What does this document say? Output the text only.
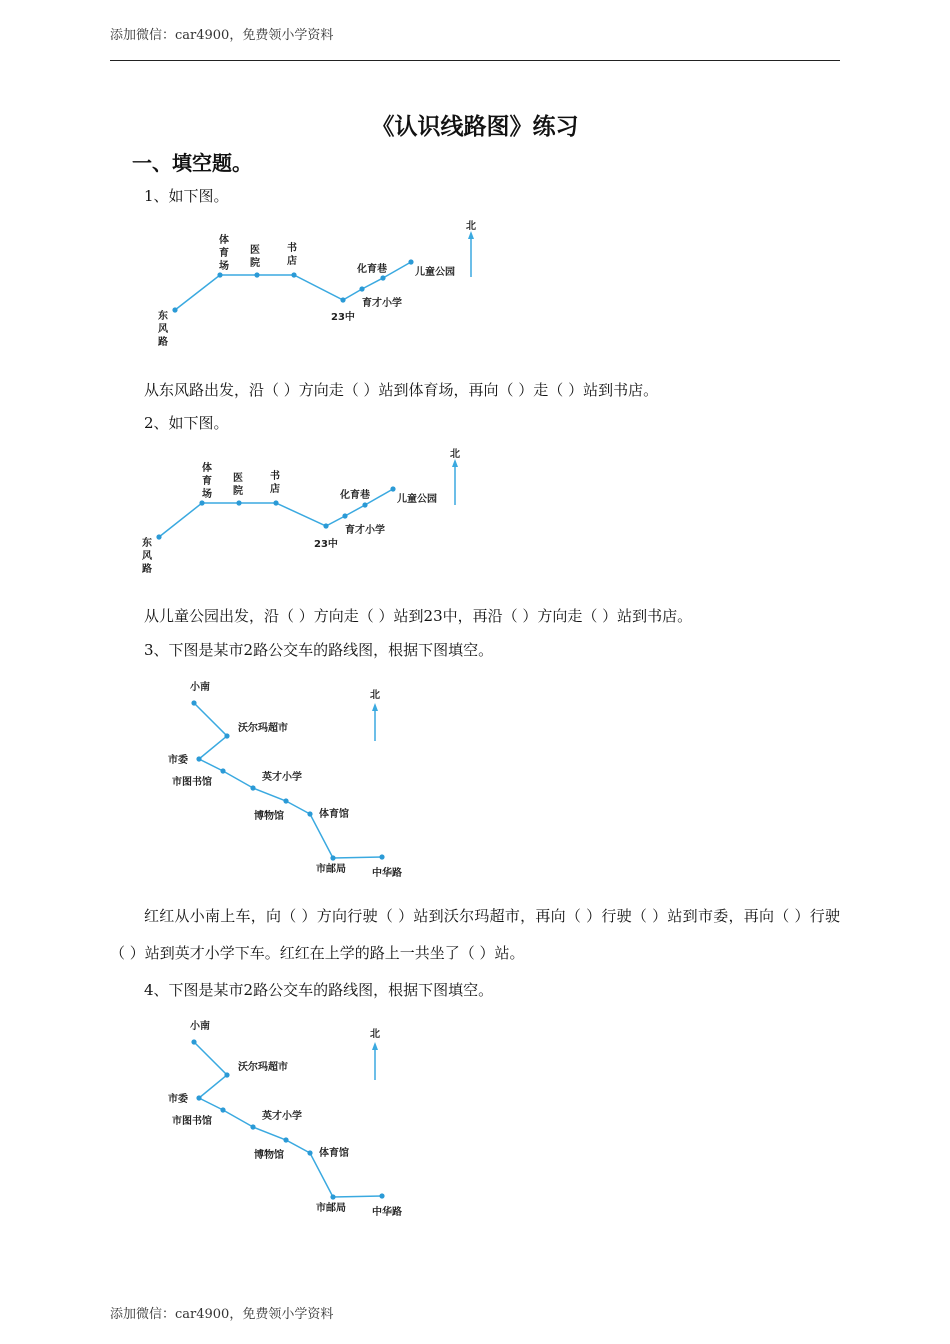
添加微信：car4900，免费领小学资料
《认识线路图》练习
一、填空题。
1、如下图。
北
东
风
路
体
育
场
医
院
书
店
23中
育才小学
化育巷	儿童公园
从东风路出发，沿（ ）方向走（ ）站到体育场，再向（ ）走（ ）站到书店。
2、如下图。
北
东
风
路
体
育
场
医
院
书
店
23中
育才小学
化育巷	儿童公园
从儿童公园出发，沿（ ）方向走（ ）站到23中，再沿（ ）方向走（ ）站到书店。
3、下图是某市2路公交车的路线图，根据下图填空。
北
小南
沃尔玛超市
市委
市图书馆	英才小学
博物馆	体育馆
市邮局	中华路
红红从小南上车，向（ ）方向行驶（ ）站到沃尔玛超市，再向（ ）行驶（ ）站到市委，再向（ ）行驶（ ）站到英才小学下车。红红在上学的路上一共坐了（ ）站。
4、下图是某市2路公交车的路线图，根据下图填空。
北
小南
沃尔玛超市
市委
市图书馆	英才小学
博物馆	体育馆
市邮局	中华路
添加微信：car4900，免费领小学资料
